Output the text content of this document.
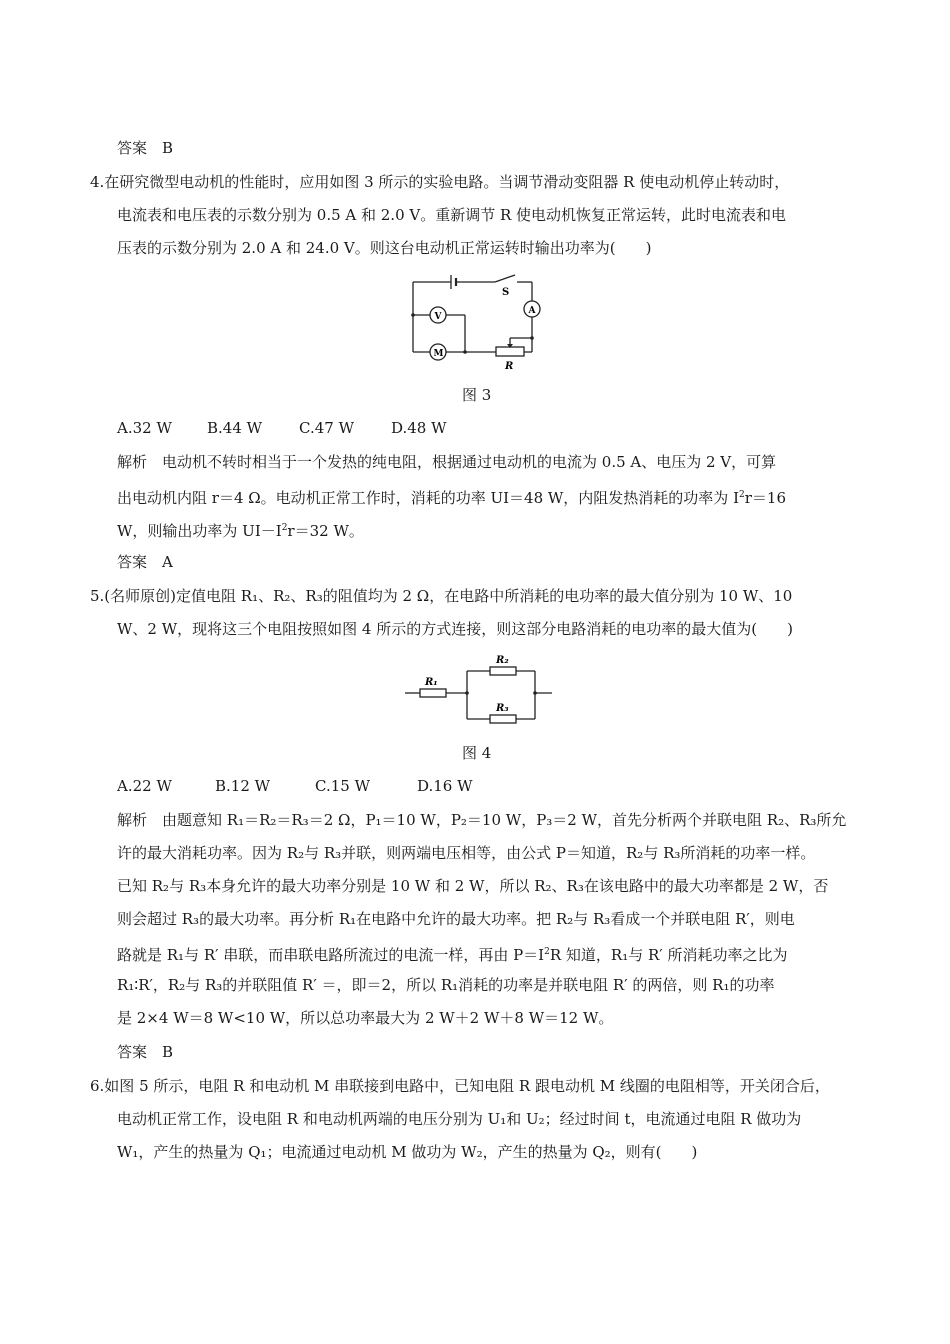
答案　B
4.在研究微型电动机的性能时，应用如图 3 所示的实验电路。当调节滑动变阻器 R 使电动机停止转动时，
电流表和电压表的示数分别为 0.5 A 和 2.0 V。重新调节 R 使电动机恢复正常运转，此时电流表和电
压表的示数分别为 2.0 A 和 24.0 V。则这台电动机正常运转时输出功率为(　　)
S
A
V
M
R
图 3
A.32 W B.44 W C.47 W D.48 W
解析　电动机不转时相当于一个发热的纯电阻，根据通过电动机的电流为 0.5 A、电压为 2 V，可算
出电动机内阻 r＝4 Ω。电动机正常工作时，消耗的功率 UI＝48 W，内阻发热消耗的功率为 $I^2r=16$
W，则输出功率为 $UI-I^2r=32$ W。
答案　A
5.(名师原创)定值电阻 R₁、R₂、R₃的阻值均为 2 Ω，在电路中所消耗的电功率的最大值分别为 10 W、10
W、2 W，现将这三个电阻按照如图 4 所示的方式连接，则这部分电路消耗的电功率的最大值为(　　)
R₁
R₂
R₃
图 4
A.22 W	B.12 W	C.15 W	D.16 W
解析　由题意知 R₁＝R₂＝R₃＝2 Ω，P₁＝10 W，P₂＝10 W，P₃＝2 W，首先分析两个并联电阻 R₂、R₃所允
许的最大消耗功率。因为 R₂与 R₃并联，则两端电压相等，由公式 P＝知道，R₂与 R₃所消耗的功率一样。
已知 R₂与 R₃本身允许的最大功率分别是 10 W 和 2 W，所以 R₂、R₃在该电路中的最大功率都是 2 W，否
则会超过 R₃的最大功率。再分析 R₁在电路中允许的最大功率。把 R₂与 R₃看成一个并联电阻 R′，则电
路就是 R₁与 R′ 串联，而串联电路所流过的电流一样，再由 $P=I^2R$ 知道，R₁与 R′ 所消耗功率之比为
R₁∶R′，R₂与 R₃的并联阻值 R′ ＝，即＝2，所以 R₁消耗的功率是并联电阻 R′ 的两倍，则 R₁的功率
是 2×4 W＝8 W<10 W，所以总功率最大为 2 W＋2 W＋8 W＝12 W。
答案　B
6.如图 5 所示，电阻 R 和电动机 M 串联接到电路中，已知电阻 R 跟电动机 M 线圈的电阻相等，开关闭合后，
电动机正常工作，设电阻 R 和电动机两端的电压分别为 U₁和 U₂；经过时间 t，电流通过电阻 R 做功为
W₁，产生的热量为 Q₁；电流通过电动机 M 做功为 W₂，产生的热量为 Q₂，则有(　　)
